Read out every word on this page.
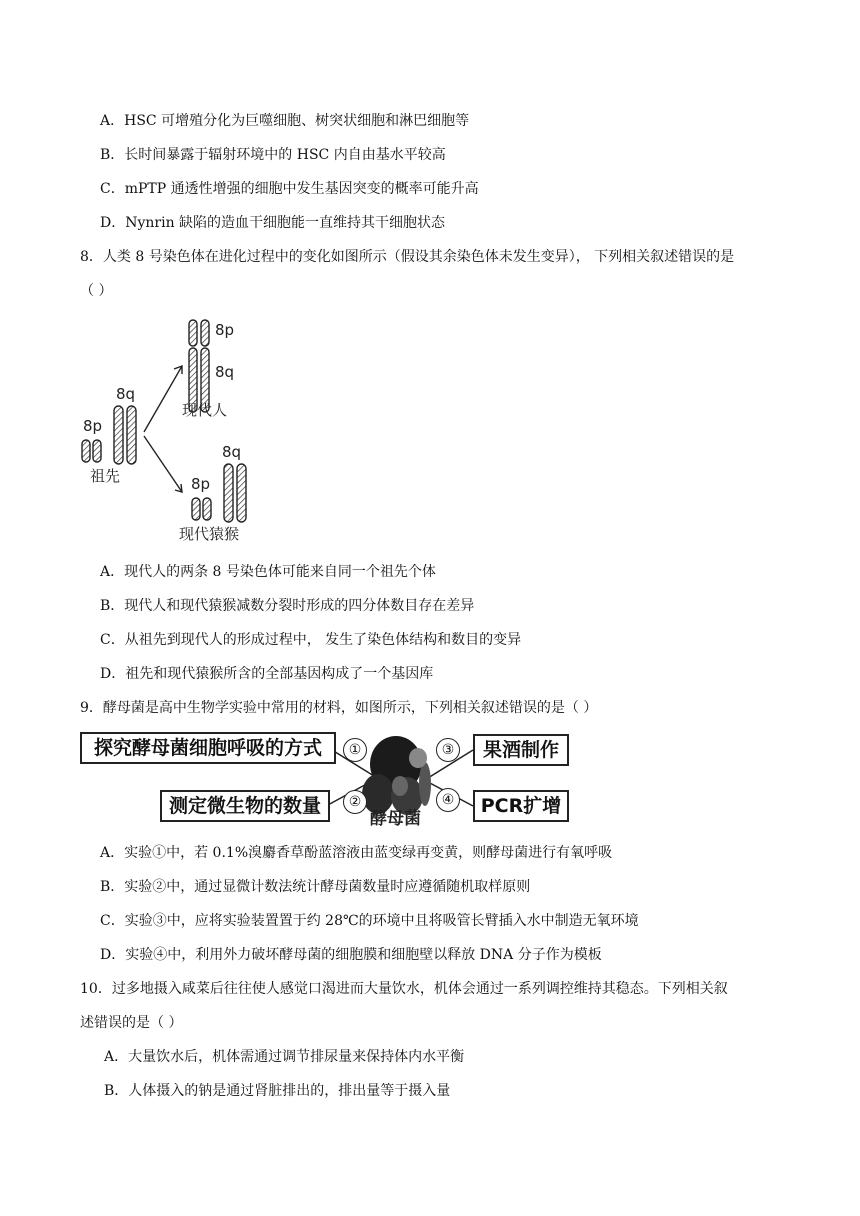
A．HSC 可增殖分化为巨噬细胞、树突状细胞和淋巴细胞等
B．长时间暴露于辐射环境中的 HSC 内自由基水平较高
C．mPTP 通透性增强的细胞中发生基因突变的概率可能升高
D．Nynrin 缺陷的造血干细胞能一直维持其干细胞状态
8．人类 8 号染色体在进化过程中的变化如图所示（假设其余染色体未发生变异）， 下列相关叙述错误的是
（ ）
8p
8q
现代人
8q
8p
祖先
8q
8p
现代猿猴
A．现代人的两条 8 号染色体可能来自同一个祖先个体
B．现代人和现代猿猴减数分裂时形成的四分体数目存在差异
C．从祖先到现代人的形成过程中， 发生了染色体结构和数目的变异
D．祖先和现代猿猴所含的全部基因构成了一个基因库
9．酵母菌是高中生物学实验中常用的材料，如图所示，下列相关叙述错误的是（ ）
探究酵母菌细胞呼吸的方式
测定微生物的数量
果酒制作
PCR扩增
①
②
③
④
酵母菌
A．实验①中，若 0.1%溴麝香草酚蓝溶液由蓝变绿再变黄，则酵母菌进行有氧呼吸
B．实验②中，通过显微计数法统计酵母菌数量时应遵循随机取样原则
C．实验③中，应将实验装置置于约 28℃的环境中且将吸管长臂插入水中制造无氧环境
D．实验④中，利用外力破坏酵母菌的细胞膜和细胞壁以释放 DNA 分子作为模板
10．过多地摄入咸菜后往往使人感觉口渴进而大量饮水，机体会通过一系列调控维持其稳态。下列相关叙
述错误的是（ ）
A．大量饮水后，机体需通过调节排尿量来保持体内水平衡
B．人体摄入的钠是通过肾脏排出的，排出量等于摄入量
